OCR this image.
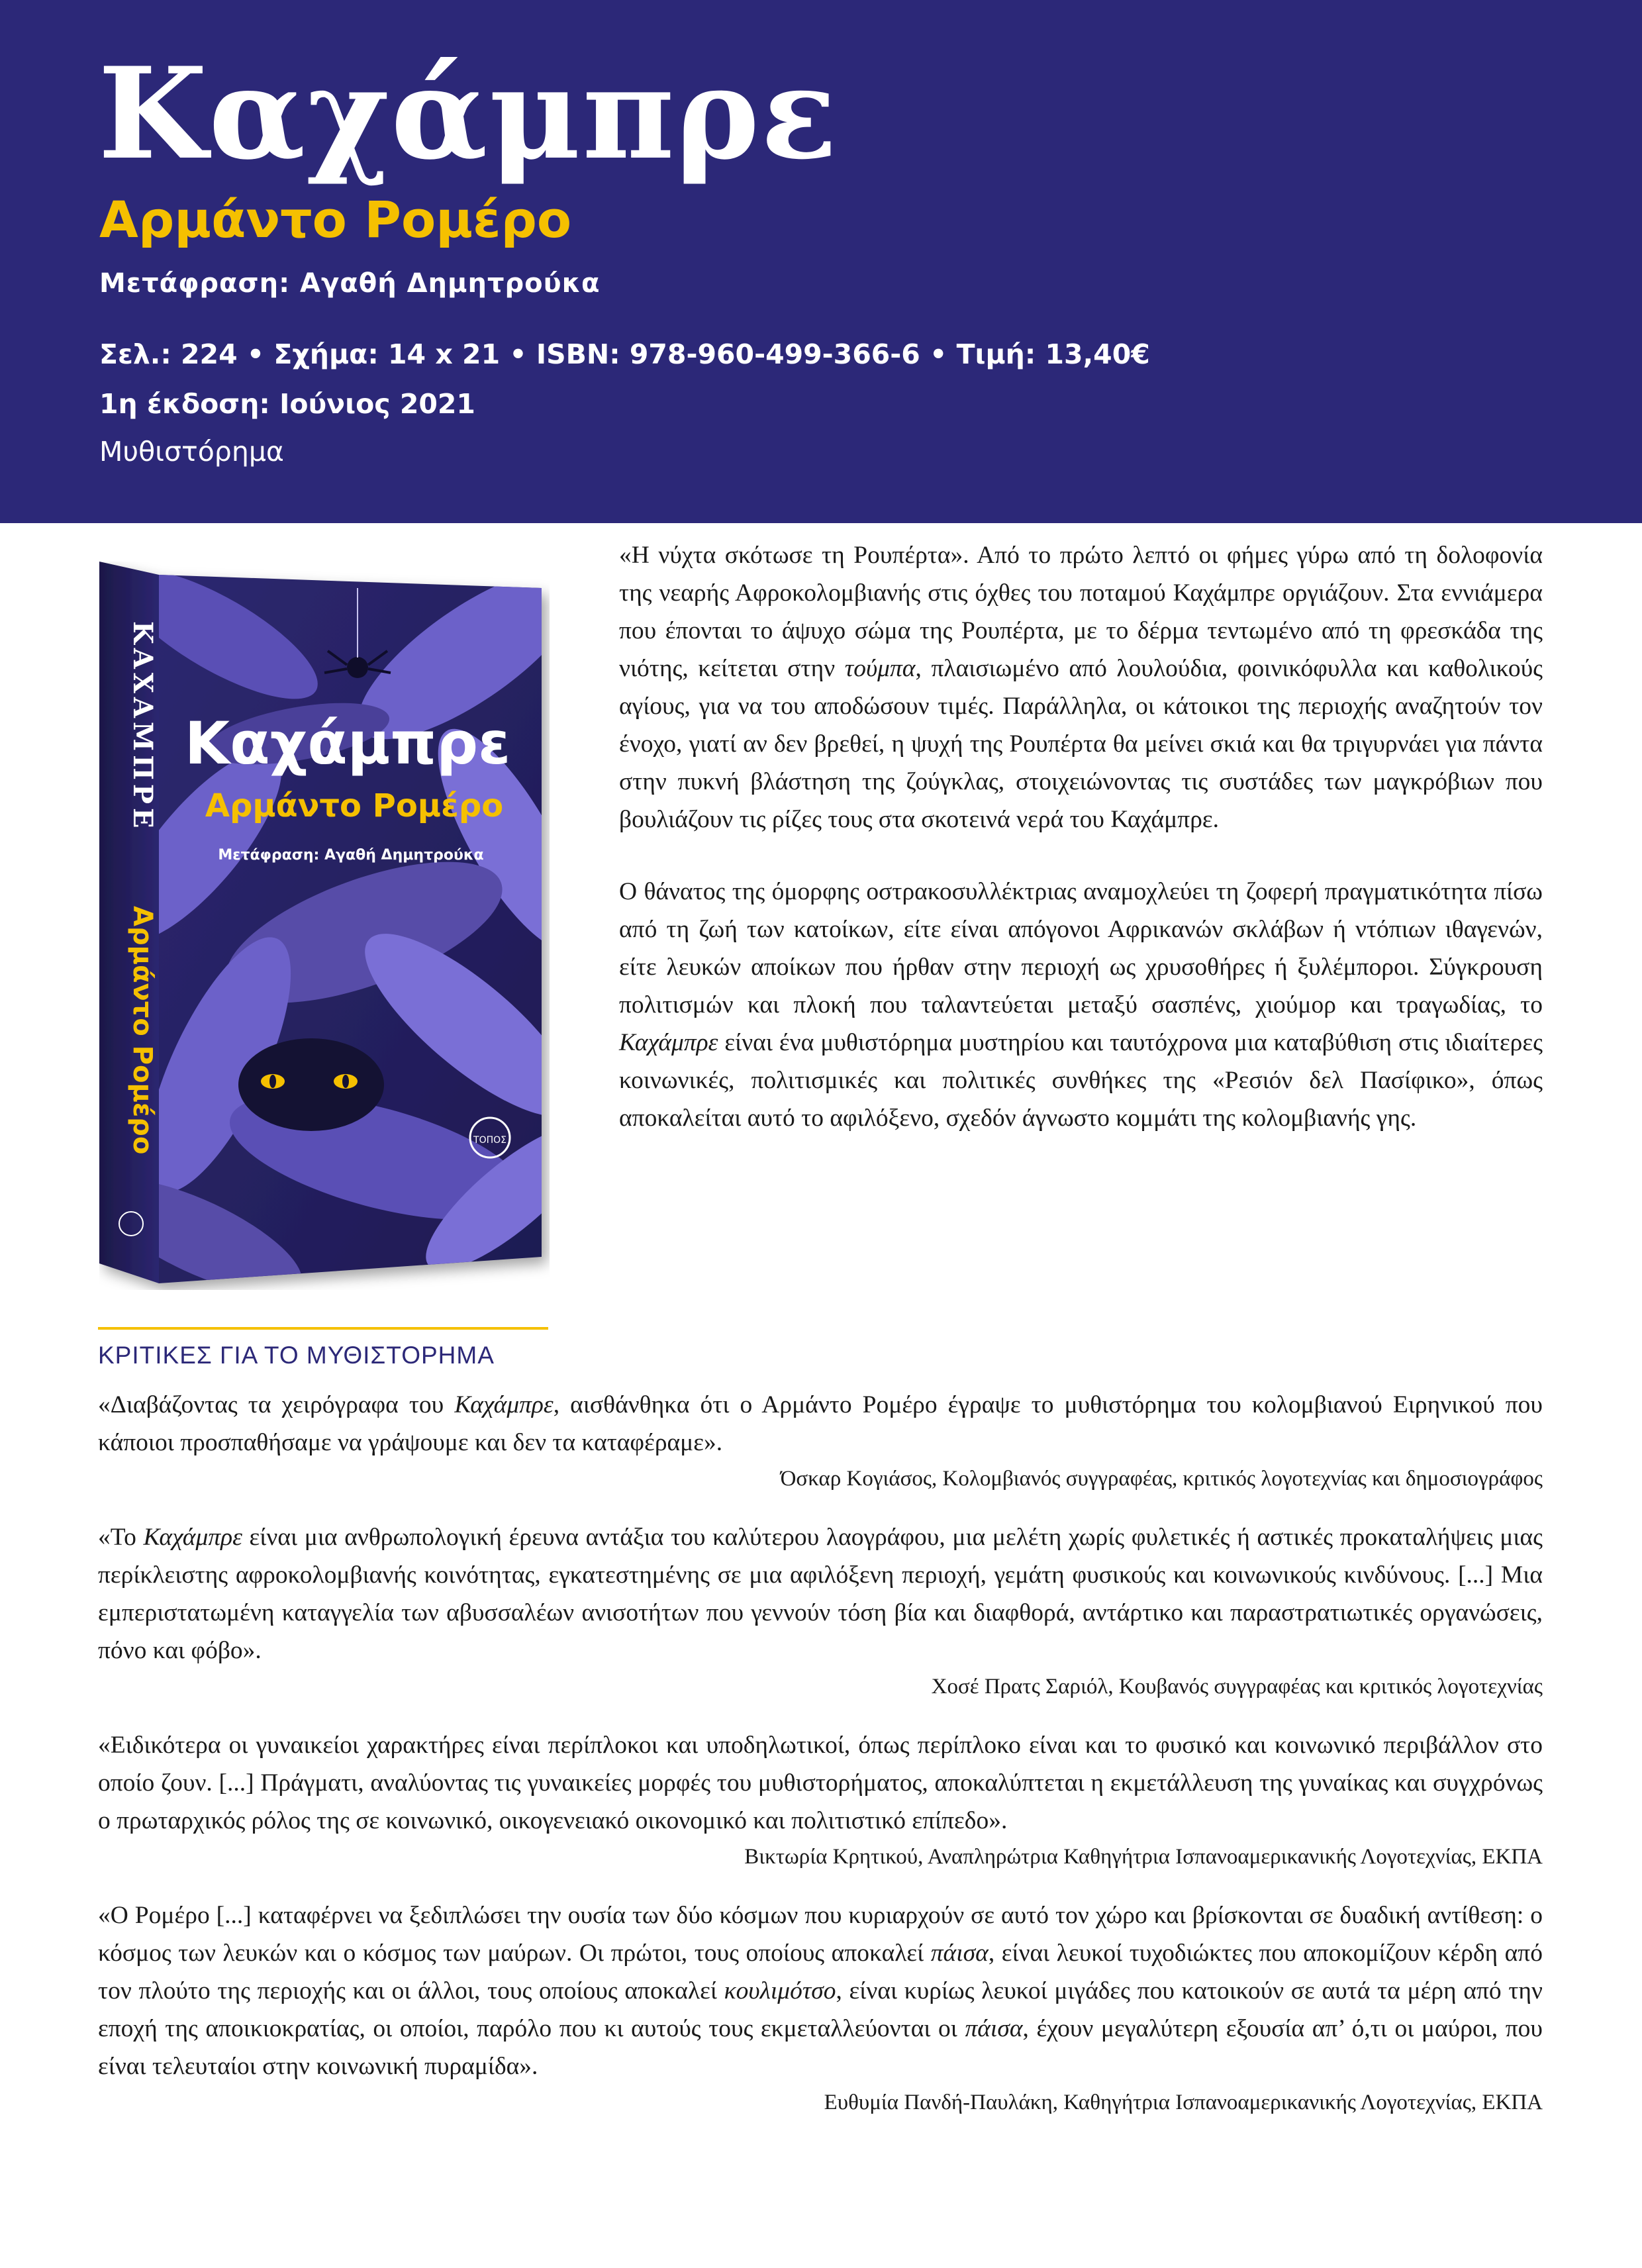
Καχάμπρε
Αρμάντο Ρομέρο
Μετάφραση: Αγαθή Δημητρούκα
Σελ.: 224 • Σχήμα: 14 x 21 • ISBN: 978-960-499-366-6 • Τιμή: 13,40€
1η έκδοση: Ιούνιος 2021
Μυθιστόρημα
Καχάμπρε
Αρμάντο Ρομέρο
Μετάφραση: Αγαθή Δημητρούκα
ΤΟΠΟΣ
ΚΑΧΑΜΠΡΕ
Αρμάντο Ρομέρο

«Η νύχτα σκότωσε τη Ρουπέρτα». Από το πρώτο λεπτό οι φήμες γύρω από τη δολοφονία της νεαρής Αφροκολομβιανής στις όχθες του ποταμού Καχάμπρε οργιάζουν. Στα εννιάμερα που έπονται το άψυχο σώμα της Ρουπέρτα, με το δέρμα τεντωμένο από τη φρεσκάδα της νιότης, κείτεται στην τούμπα, πλαισιωμένο από λουλούδια, φοινικόφυλλα και καθολικούς αγίους, για να του αποδώσουν τιμές. Παράλληλα, οι κάτοικοι της περιοχής αναζητούν τον ένοχο, γιατί αν δεν βρεθεί, η ψυχή της Ρουπέρτα θα μείνει σκιά και θα τριγυρνάει για πάντα στην πυκνή βλάστηση της ζούγκλας, στοιχειώνοντας τις συστάδες των μαγκρόβιων που βουλιάζουν τις ρίζες τους στα σκοτεινά νερά του Καχάμπρε.

Ο θάνατος της όμορφης οστρακοσυλλέκτριας αναμοχλεύει τη ζοφερή πραγματικότητα πίσω από τη ζωή των κατοίκων, είτε είναι απόγονοι Αφρικανών σκλάβων ή ντόπιων ιθαγενών, είτε λευκών αποίκων που ήρθαν στην περιοχή ως χρυσοθήρες ή ξυλέμποροι. Σύγκρουση πολιτισμών και πλοκή που ταλαντεύεται μεταξύ σασπένς, χιούμορ και τραγωδίας, το Καχάμπρε είναι ένα μυθιστόρημα μυστηρίου και ταυτόχρονα μια καταβύθιση στις ιδιαίτερες κοινωνικές, πολιτισμικές και πολιτικές συνθήκες της «Ρεσιόν δελ Πασίφικο», όπως αποκαλείται αυτό το αφιλόξενο, σχεδόν άγνωστο κομμάτι της κολομβιανής γης.

ΚΡΙΤΙΚΕΣ ΓΙΑ ΤΟ ΜΥΘΙΣΤΟΡΗΜΑ

«Διαβάζοντας τα χειρόγραφα του Καχάμπρε, αισθάνθηκα ότι ο Αρμάντο Ρομέρο έγραψε το μυθιστόρημα του κολομβιανού Ειρηνικού που κάποιοι προσπαθήσαμε να γράψουμε και δεν τα καταφέραμε».

Όσκαρ Κογιάσος, Κολομβιανός συγγραφέας, κριτικός λογοτεχνίας και δημοσιογράφος

«Το Καχάμπρε είναι μια ανθρωπολογική έρευνα αντάξια του καλύτερου λαογράφου, μια μελέτη χωρίς φυλετικές ή αστικές προκαταλήψεις μιας περίκλειστης αφροκολομβιανής κοινότητας, εγκατεστημένης σε μια αφιλόξενη περιοχή, γεμάτη φυσικούς και κοινωνικούς κινδύνους. [...] Μια εμπεριστατωμένη καταγγελία των αβυσσαλέων ανισοτήτων που γεννούν τόση βία και διαφθορά, αντάρτικο και παραστρατιωτικές οργανώσεις, πόνο και φόβο».

Χοσέ Πρατς Σαριόλ, Κουβανός συγγραφέας και κριτικός λογοτεχνίας

«Ειδικότερα οι γυναικείοι χαρακτήρες είναι περίπλοκοι και υποδηλωτικοί, όπως περίπλοκο είναι και το φυσικό και κοινωνικό περιβάλλον στο οποίο ζουν. [...] Πράγματι, αναλύοντας τις γυναικείες μορφές του μυθιστορήματος, αποκαλύπτεται η εκμετάλλευση της γυναίκας και συγχρόνως ο πρωταρχικός ρόλος της σε κοινωνικό, οικογενειακό οικονομικό και πολιτιστικό επίπεδο».

Βικτωρία Κρητικού, Αναπληρώτρια Καθηγήτρια Ισπανοαμερικανικής Λογοτεχνίας, ΕΚΠΑ

«Ο Ρομέρο [...] καταφέρνει να ξεδιπλώσει την ουσία των δύο κόσμων που κυριαρχούν σε αυτό τον χώρο και βρίσκονται σε δυαδική αντίθεση: ο κόσμος των λευκών και ο κόσμος των μαύρων. Οι πρώτοι, τους οποίους αποκαλεί πάισα, είναι λευκοί τυχοδιώκτες που αποκομίζουν κέρδη από τον πλούτο της περιοχής και οι άλλοι, τους οποίους αποκαλεί κουλιμότσο, είναι κυρίως λευκοί μιγάδες που κατοικούν σε αυτά τα μέρη από την εποχή της αποικιοκρατίας, οι οποίοι, παρόλο που κι αυτούς τους εκμεταλλεύονται οι πάισα, έχουν μεγαλύτερη εξουσία απ’ ό,τι οι μαύροι, που είναι τελευταίοι στην κοινωνική πυραμίδα».

Ευθυμία Πανδή-Παυλάκη, Καθηγήτρια Ισπανοαμερικανικής Λογοτεχνίας, ΕΚΠΑ
